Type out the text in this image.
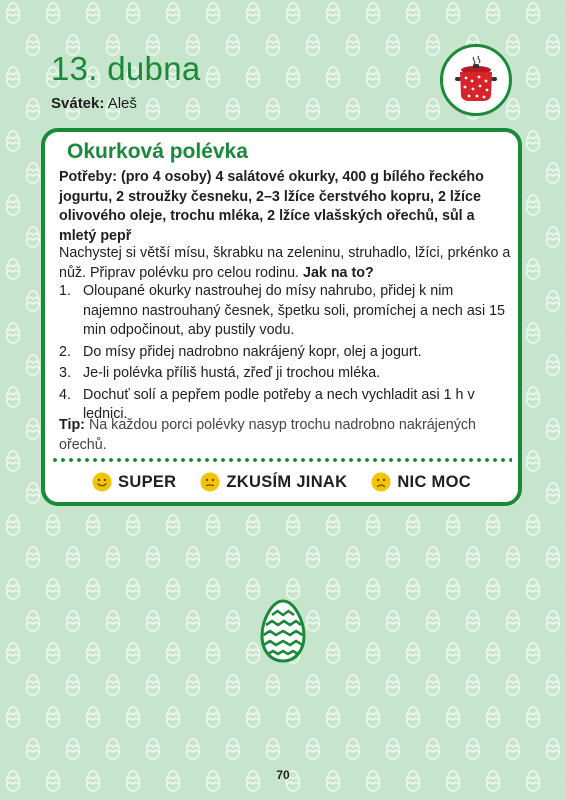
13. dubna
Svátek: Aleš
Okurková polévka
Potřeby: (pro 4 osoby) 4 salátové okurky, 400 g bílého řeckého jogurtu, 2 stroužky česneku, 2–3 lžíce čerstvého kopru, 2 lžíce olivového oleje, trochu mléka, 2 lžíce vlašských ořechů, sůl a mletý pepř
Nachystej si větší mísu, škrabku na zeleninu, struhadlo, lžíci, prkénko a nůž. Připrav polévku pro celou rodinu. Jak na to?
1. Oloupané okurky nastrouhej do mísy nahrubo, přidej k nim najemno nastrouhaný česnek, špetku soli, promíchej a nech asi 15 min odpočinout, aby pustily vodu.
2. Do mísy přidej nadrobno nakrájený kopr, olej a jogurt.
3. Je-li polévka příliš hustá, zřeď ji trochou mléka.
4. Dochuť solí a pepřem podle potřeby a nech vychladit asi 1 h v lednici.
Tip: Na každou porci polévky nasyp trochu nadrobno nakrájených ořechů.
SUPER	ZKUSÍM JINAK	NIC MOC
70
